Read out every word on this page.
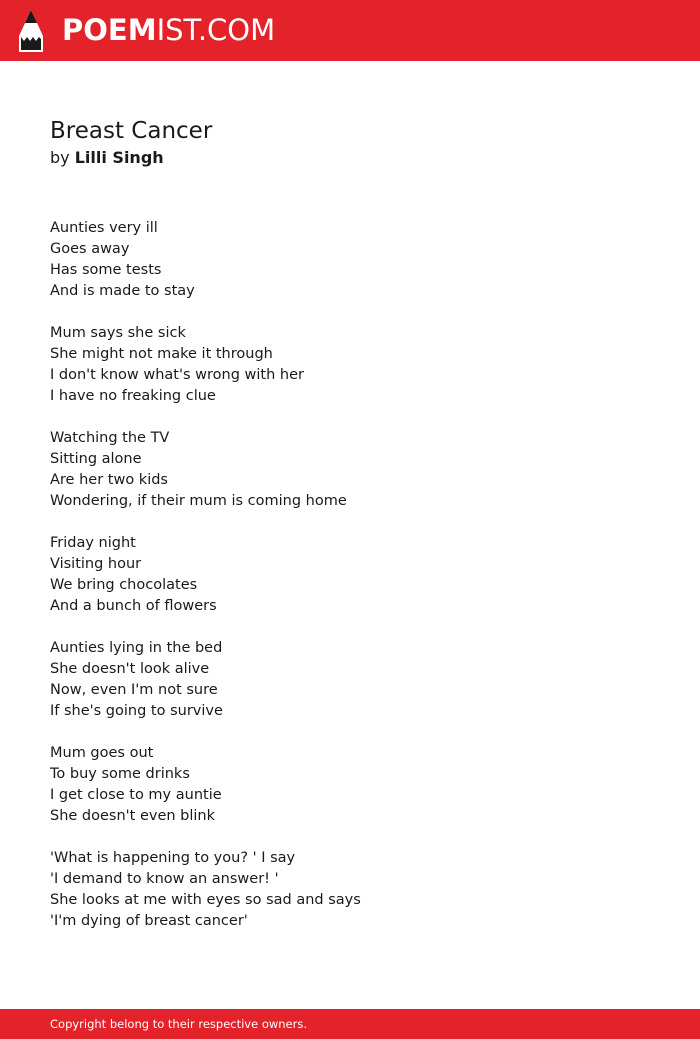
POEMIST.COM
Breast Cancer

by Lilli Singh

Aunties very ill
Goes away
Has some tests
And is made to stay
Mum says she sick
She might not make it through
I don't know what's wrong with her
I have no freaking clue
Watching the TV
Sitting alone
Are her two kids
Wondering, if their mum is coming home
Friday night
Visiting hour
We bring chocolates
And a bunch of flowers
Aunties lying in the bed
She doesn't look alive
Now, even I'm not sure
If she's going to survive
Mum goes out
To buy some drinks
I get close to my auntie
She doesn't even blink
'What is happening to you? ' I say
'I demand to know an answer! '
She looks at me with eyes so sad and says
'I'm dying of breast cancer'
Copyright belong to their respective owners.
